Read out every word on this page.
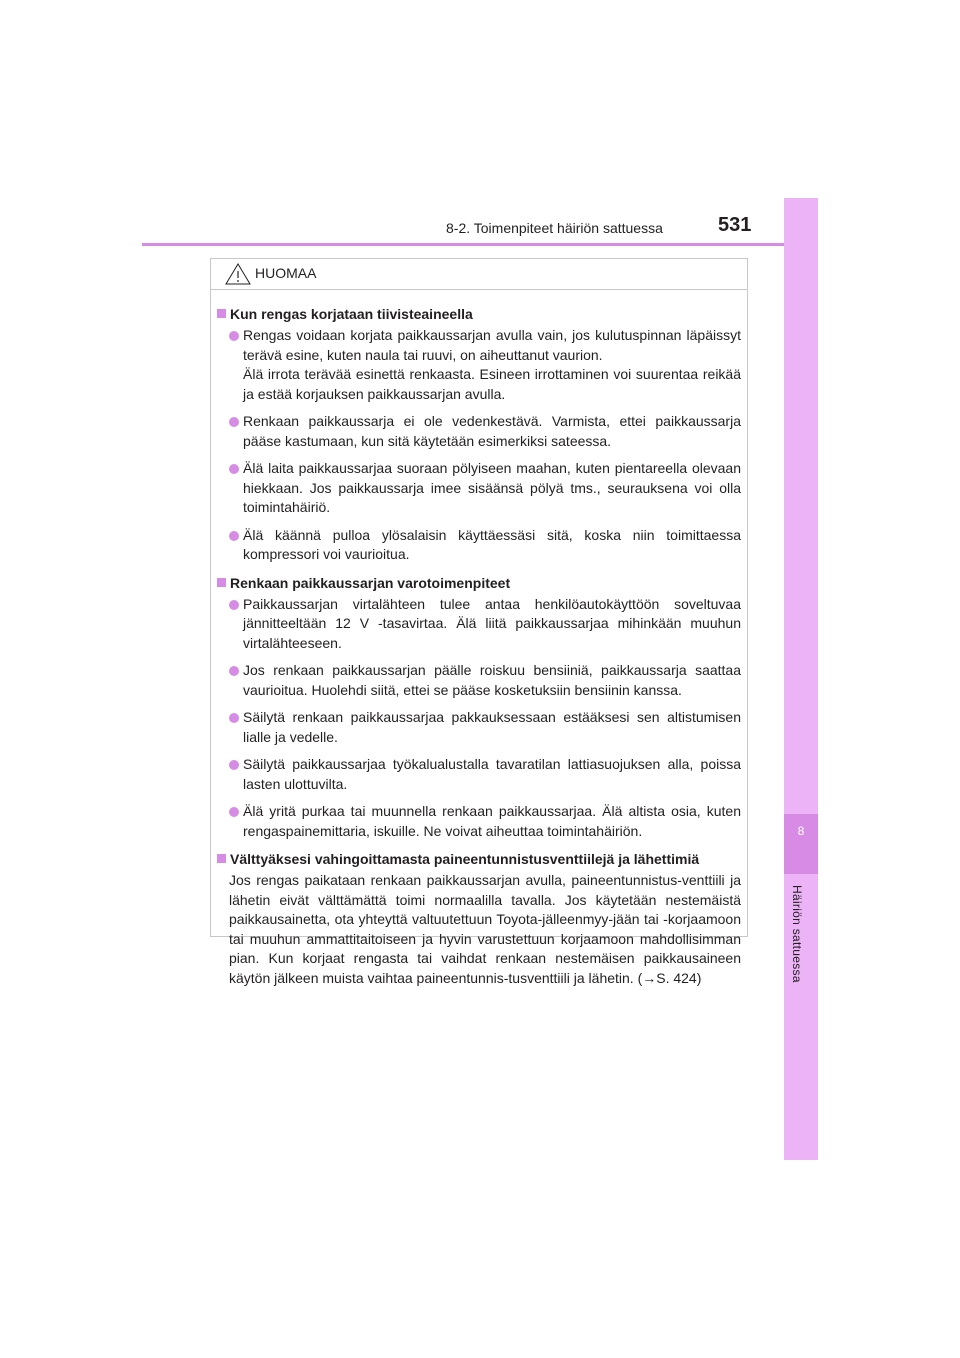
8-2. Toimenpiteet häiriön sattuessa	531
8
Häiriön sattuessa
HUOMAA
Kun rengas korjataan tiivisteaineella
Rengas voidaan korjata paikkaussarjan avulla vain, jos kulutuspinnan läpäissyt terävä esine, kuten naula tai ruuvi, on aiheuttanut vaurion.
Älä irrota terävää esinettä renkaasta. Esineen irrottaminen voi suurentaa reikää ja estää korjauksen paikkaussarjan avulla.
Renkaan paikkaussarja ei ole vedenkestävä. Varmista, ettei paikkaussarja pääse kastumaan, kun sitä käytetään esimerkiksi sateessa.
Älä laita paikkaussarjaa suoraan pölyiseen maahan, kuten pientareella olevaan hiekkaan. Jos paikkaussarja imee sisäänsä pölyä tms., seurauksena voi olla toimintahäiriö.
Älä käännä pulloa ylösalaisin käyttäessäsi sitä, koska niin toimittaessa kompressori voi vaurioitua.
Renkaan paikkaussarjan varotoimenpiteet
Paikkaussarjan virtalähteen tulee antaa henkilöautokäyttöön soveltuvaa jännitteeltään 12 V -tasavirtaa. Älä liitä paikkaussarjaa mihinkään muuhun virtalähteeseen.
Jos renkaan paikkaussarjan päälle roiskuu bensiiniä, paikkaussarja saattaa vaurioitua. Huolehdi siitä, ettei se pääse kosketuksiin bensiinin kanssa.
Säilytä renkaan paikkaussarjaa pakkauksessaan estääksesi sen altistumisen lialle ja vedelle.
Säilytä paikkaussarjaa työkalualustalla tavaratilan lattiasuojuksen alla, poissa lasten ulottuvilta.
Älä yritä purkaa tai muunnella renkaan paikkaussarjaa. Älä altista osia, kuten rengaspainemittaria, iskuille. Ne voivat aiheuttaa toimintahäiriön.
Välttyäksesi vahingoittamasta paineentunnistusventtiilejä ja lähettimiä
Jos rengas paikataan renkaan paikkaussarjan avulla, paineentunnistus-venttiili ja lähetin eivät välttämättä toimi normaalilla tavalla. Jos käytetään nestemäistä paikkausainetta, ota yhteyttä valtuutettuun Toyota-jälleenmyy-jään tai -korjaamoon tai muuhun ammattitaitoiseen ja hyvin varustettuun korjaamoon mahdollisimman pian. Kun korjaat rengasta tai vaihdat renkaan nestemäisen paikkausaineen käytön jälkeen muista vaihtaa paineentunnis-tusventtiili ja lähetin. (→S. 424)
